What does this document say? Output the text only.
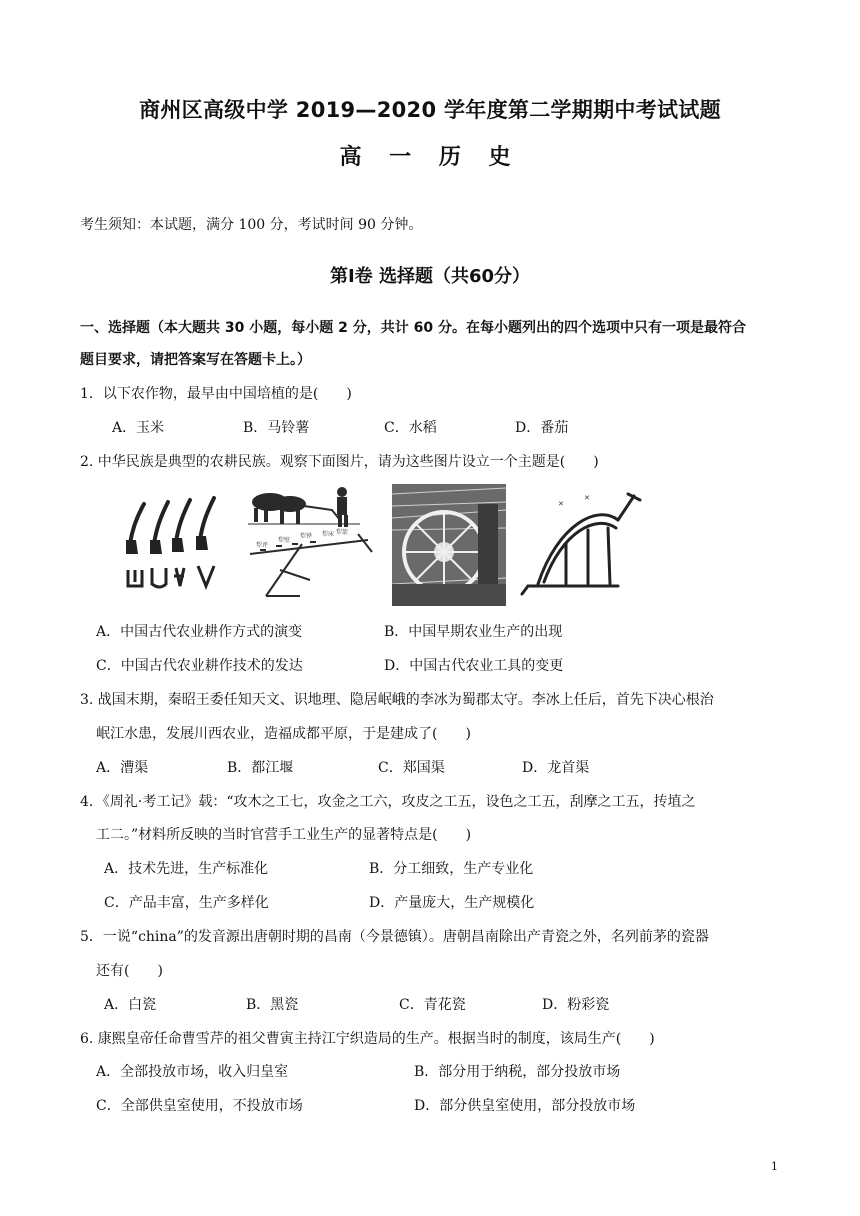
商州区高级中学 2019—2020 学年度第二学期期中考试试题
高 一 历 史
考生须知：本试题，满分 100 分，考试时间 90 分钟。
第Ⅰ卷 选择题（共60分）
一、选择题（本大题共 30 小题，每小题 2 分，共计 60 分。在每小题列出的四个选项中只有一项是最符合
题目要求，请把答案写在答题卡上。）
1．以下农作物，最早由中国培植的是(　　)
A．玉米	B．马铃薯	C．水稻	D．番茄
2. 中华民族是典型的农耕民族。观察下面图片，请为这些图片设立一个主题是(　　)
犁评
犁壁
犁铧 犁床 犁箭
✕
✕
A．中国古代农业耕作方式的演变	B．中国早期农业生产的出现
C．中国古代农业耕作技术的发达	D．中国古代农业工具的变更
3. 战国末期，秦昭王委任知天文、识地理、隐居岷峨的李冰为蜀郡太守。李冰上任后，首先下决心根治
岷江水患，发展川西农业，造福成都平原，于是建成了(　　)
A．漕渠	B．都江堰	C．郑国渠	D．龙首渠
4．《周礼·考工记》载：“攻木之工七，攻金之工六，攻皮之工五，设色之工五，刮摩之工五，抟埴之
工二。”材料所反映的当时官营手工业生产的显著特点是(　　)
A．技术先进，生产标准化	B．分工细致，生产专业化
C．产品丰富，生产多样化	D．产量庞大，生产规模化
5．一说“china”的发音源出唐朝时期的昌南（今景德镇）。唐朝昌南除出产青瓷之外，名列前茅的瓷器
还有(　　)
A．白瓷	B．黑瓷	C．青花瓷	D．粉彩瓷
6. 康熙皇帝任命曹雪芹的祖父曹寅主持江宁织造局的生产。根据当时的制度，该局生产(　　)
A．全部投放市场，收入归皇室	B．部分用于纳税，部分投放市场
C．全部供皇室使用，不投放市场	D．部分供皇室使用，部分投放市场
1
